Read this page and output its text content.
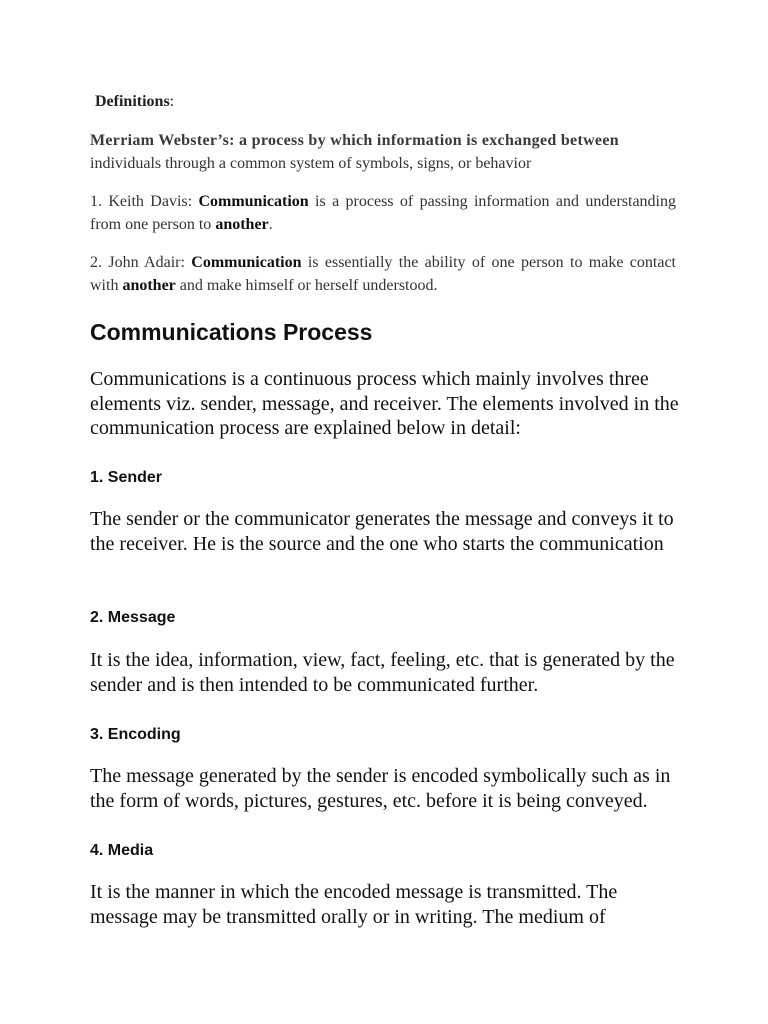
Definitions:
Merriam Webster’s: a process by which information is exchanged between
individuals through a common system of symbols, signs, or behavior
1. Keith Davis: Communication is a process of passing information and understanding from one person to another.
2. John Adair: Communication is essentially the ability of one person to make contact with another and make himself or herself understood.
Communications Process
Communications is a continuous process which mainly involves three elements viz. sender, message, and receiver. The elements involved in the communication process are explained below in detail:
1. Sender
The sender or the communicator generates the message and conveys it to the receiver. He is the source and the one who starts the communication
2. Message
It is the idea, information, view, fact, feeling, etc. that is generated by the sender and is then intended to be communicated further.
3. Encoding
The message generated by the sender is encoded symbolically such as in the form of words, pictures, gestures, etc. before it is being conveyed.
4. Media
It is the manner in which the encoded message is transmitted. The message may be transmitted orally or in writing. The medium of
